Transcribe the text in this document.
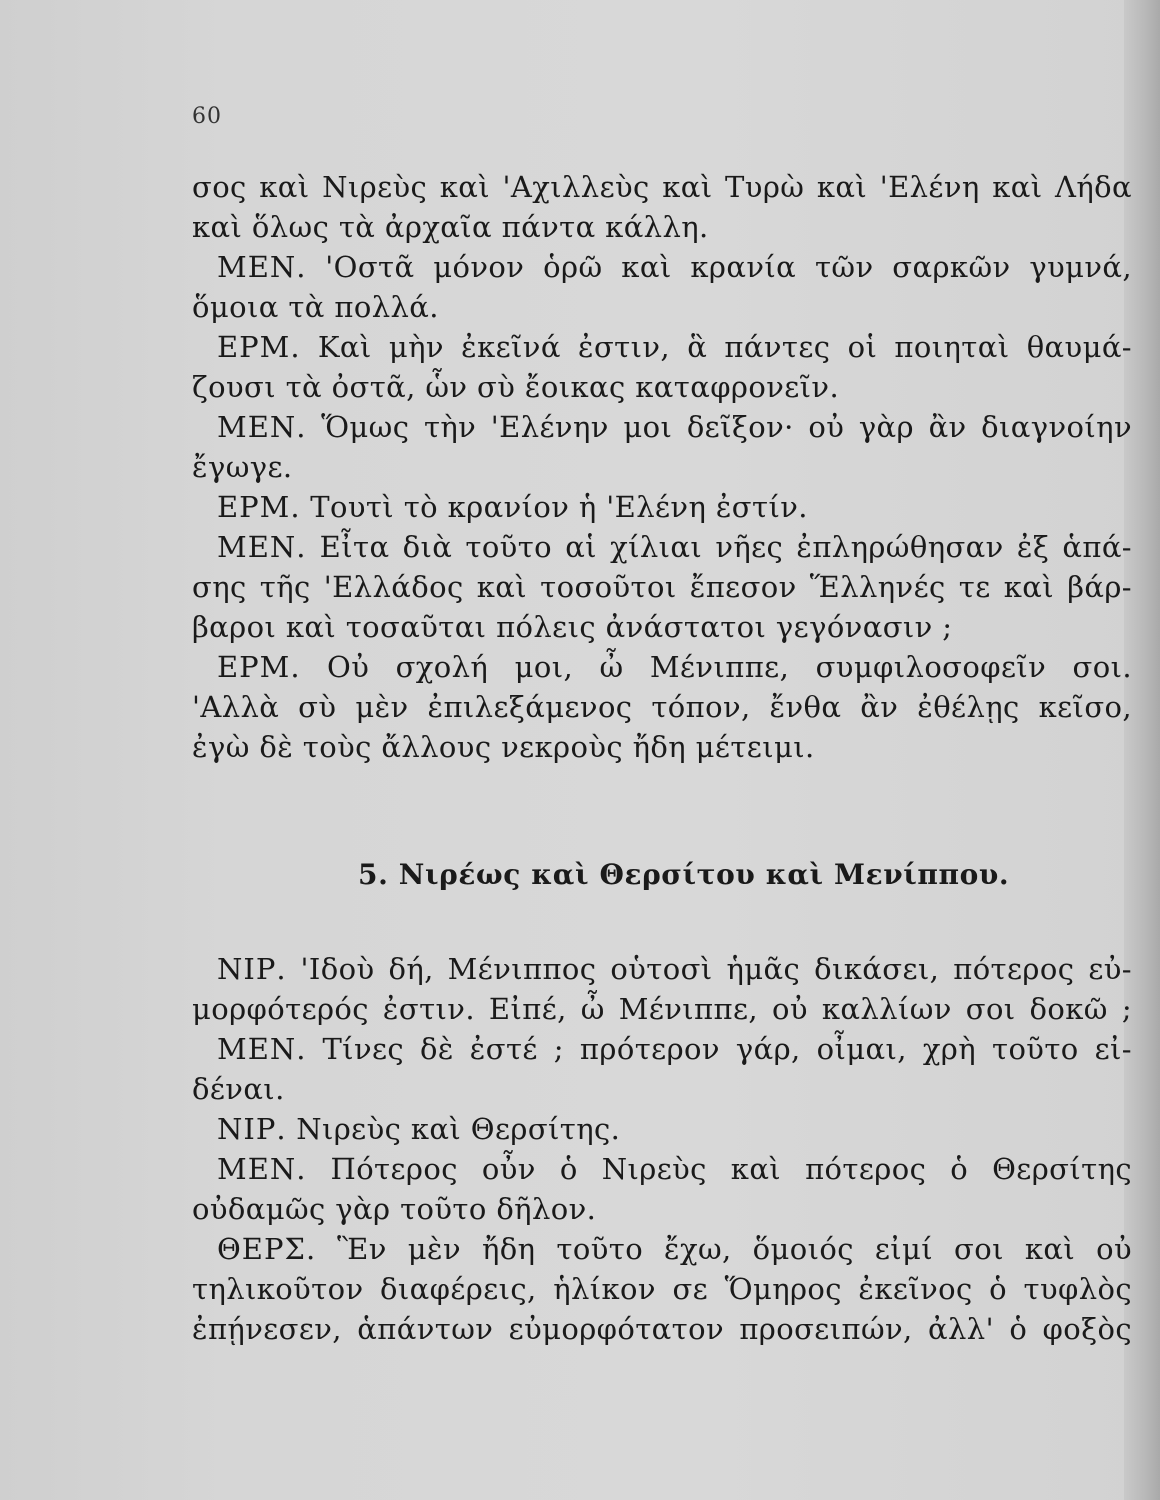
60
σος καὶ Νιρεὺς καὶ 'Αχιλλεὺς καὶ Τυρὼ καὶ 'Ελένη καὶ Λήδα
καὶ ὅλως τὰ ἀρχαῖα πάντα κάλλη.
ΜΕΝ. 'Οστᾶ μόνον ὁρῶ καὶ κρανία τῶν σαρκῶν γυμνά,
ὅμοια τὰ πολλά.
ΕΡΜ. Καὶ μὴν ἐκεῖνά ἐστιν, ἃ πάντες οἱ ποιηταὶ θαυμά-
ζουσι τὰ ὀστᾶ, ὧν σὺ ἔοικας καταφρονεῖν.
ΜΕΝ. Ὅμως τὴν 'Ελένην μοι δεῖξον· οὐ γὰρ ἂν διαγνοίην
ἔγωγε.
ΕΡΜ. Τουτὶ τὸ κρανίον ἡ 'Ελένη ἐστίν.
ΜΕΝ. Εἶτα διὰ τοῦτο αἱ χίλιαι νῆες ἐπληρώθησαν ἐξ ἁπά-
σης τῆς 'Ελλάδος καὶ τοσοῦτοι ἔπεσον Ἕλληνές τε καὶ βάρ-
βαροι καὶ τοσαῦται πόλεις ἀνάστατοι γεγόνασιν ;
ΕΡΜ. Οὐ σχολή μοι, ὦ Μένιππε, συμφιλοσοφεῖν σοι.
'Αλλὰ σὺ μὲν ἐπιλεξάμενος τόπον, ἔνθα ἂν ἐθέλῃς κεῖσο,
ἐγὼ δὲ τοὺς ἄλλους νεκροὺς ἤδη μέτειμι.
5. Νιρέως καὶ Θερσίτου καὶ Μενίππου.
ΝΙΡ. 'Ιδοὺ δή, Μένιππος οὑτοσὶ ἡμᾶς δικάσει, πότερος εὐ-
μορφότερός ἐστιν. Εἰπέ, ὦ Μένιππε, οὐ καλλίων σοι δοκῶ ;
ΜΕΝ. Τίνες δὲ ἐστέ ; πρότερον γάρ, οἶμαι, χρὴ τοῦτο εἰ-
δέναι.
ΝΙΡ. Νιρεὺς καὶ Θερσίτης.
ΜΕΝ. Πότερος οὖν ὁ Νιρεὺς καὶ πότερος ὁ Θερσίτης
οὐδαμῶς γὰρ τοῦτο δῆλον.
ΘΕΡΣ. Ἓν μὲν ἤδη τοῦτο ἔχω, ὅμοιός εἰμί σοι καὶ οὐ
τηλικοῦτον διαφέρεις, ἡλίκον σε Ὅμηρος ἐκεῖνος ὁ τυφλὸς
ἐπῄνεσεν, ἁπάντων εὐμορφότατον προσειπών, ἀλλ' ὁ φοξὸς
